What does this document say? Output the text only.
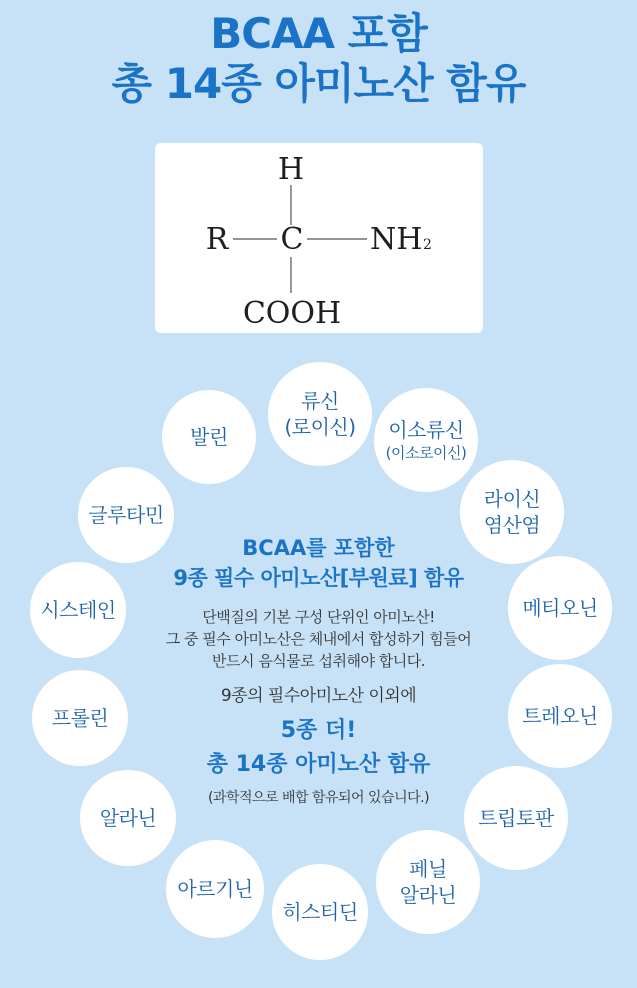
BCAA 포함
총 14종 아미노산 함유
H
R C NH 2
COOH
발린
류신
(로이신) 이소류신
(이소로이신)
글루타민
라이신
염산염
시스테인	메티오닌
프롤린	트레오닌
알라닌	트립토판
아르기닌
히스티딘
페닐
알라닌
BCAA를 포함한
9종 필수 아미노산[부원료] 함유
단백질의 기본 구성 단위인 아미노산!
그 중 필수 아미노산은 체내에서 합성하기 힘들어
반드시 음식물로 섭취해야 합니다.
9종의 필수아미노산 이외에
5종 더!
총 14종 아미노산 함유
(과학적으로 배합 함유되어 있습니다.)
